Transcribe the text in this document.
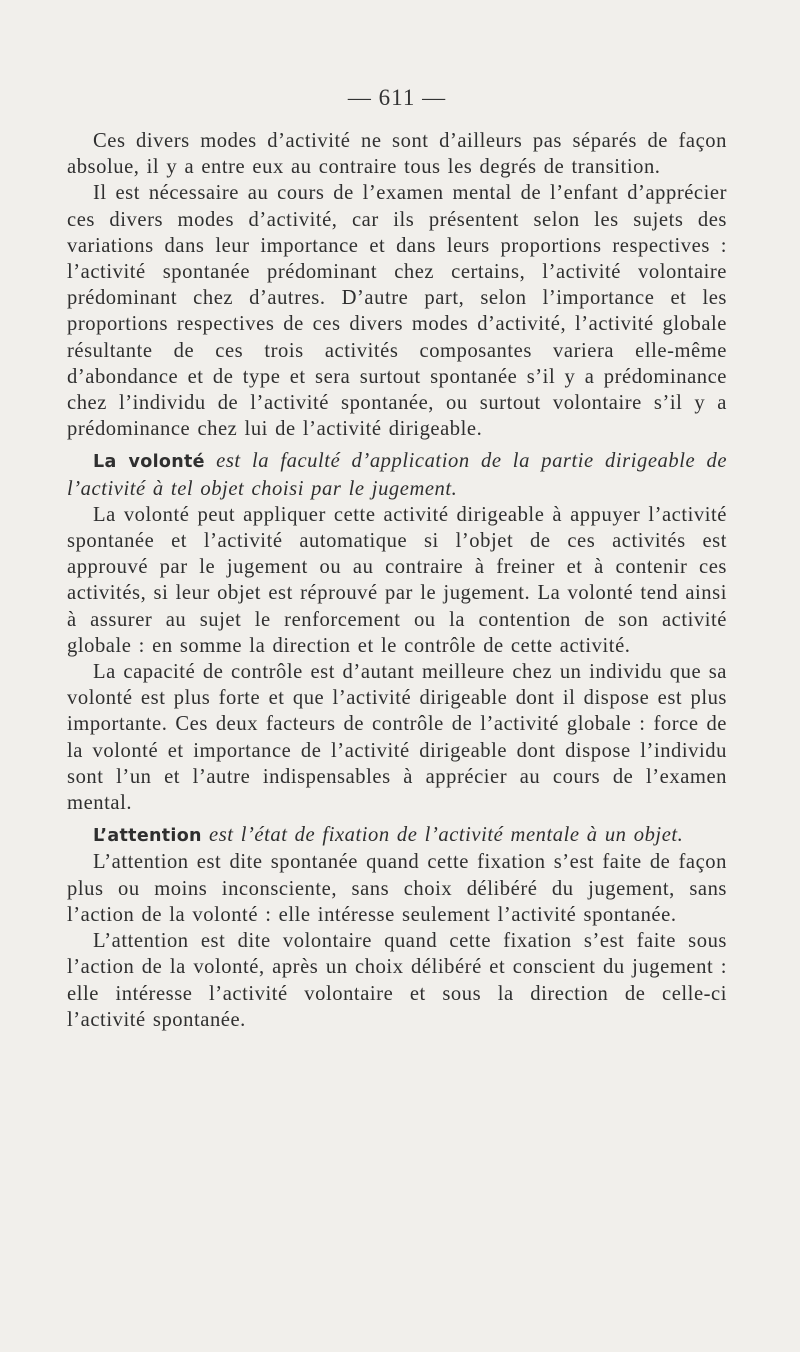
— 611 —

Ces divers modes d’activité ne sont d’ailleurs pas séparés de façon absolue, il y a entre eux au contraire tous les degrés de transition.

Il est nécessaire au cours de l’examen mental de l’enfant d’apprécier ces divers modes d’activité, car ils présentent selon les sujets des variations dans leur importance et dans leurs proportions respectives : l’activité spontanée prédominant chez certains, l’activité volontaire prédominant chez d’autres. D’autre part, selon l’importance et les proportions respectives de ces divers modes d’activité, l’activité globale résultante de ces trois activités composantes variera elle-même d’abondance et de type et sera surtout spontanée s’il y a prédominance chez l’individu de l’activité spontanée, ou surtout volontaire s’il y a prédominance chez lui de l’activité dirigeable.

La volonté est la faculté d’application de la partie dirigeable de l’activité à tel objet choisi par le jugement.

La volonté peut appliquer cette activité dirigeable à appuyer l’activité spontanée et l’activité automatique si l’objet de ces activités est approuvé par le jugement ou au contraire à freiner et à contenir ces activités, si leur objet est réprouvé par le jugement. La volonté tend ainsi à assurer au sujet le renforcement ou la contention de son activité globale : en somme la direction et le contrôle de cette activité.

La capacité de contrôle est d’autant meilleure chez un individu que sa volonté est plus forte et que l’activité dirigeable dont il dispose est plus importante. Ces deux facteurs de contrôle de l’activité globale : force de la volonté et importance de l’activité dirigeable dont dispose l’individu sont l’un et l’autre indispensables à apprécier au cours de l’examen mental.

L’attention est l’état de fixation de l’activité mentale à un objet.

L’attention est dite spontanée quand cette fixation s’est faite de façon plus ou moins inconsciente, sans choix délibéré du jugement, sans l’action de la volonté : elle intéresse seulement l’activité spontanée.

L’attention est dite volontaire quand cette fixation s’est faite sous l’action de la volonté, après un choix délibéré et conscient du jugement : elle intéresse l’activité volontaire et sous la direction de celle-ci l’activité spontanée.
